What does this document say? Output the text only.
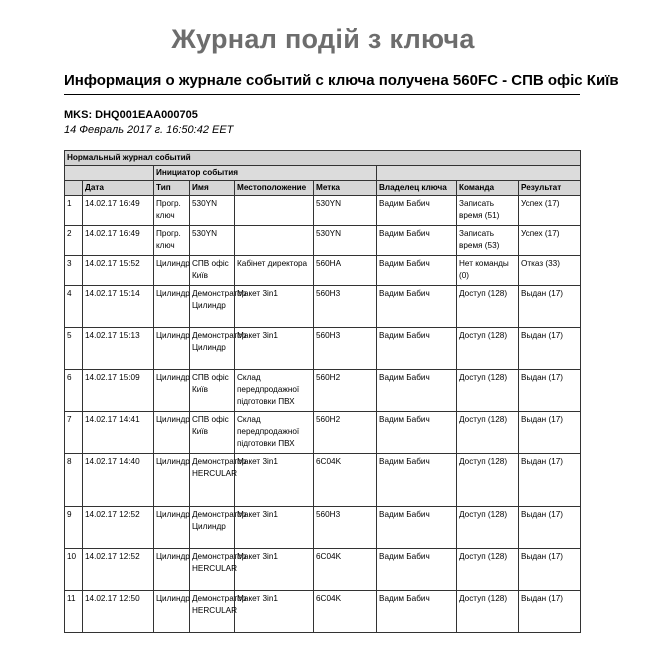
Журнал подій з ключа
Информация о журнале событий с ключа получена 560FC - СПВ офіс Київ
MKS: DHQ001EAA000705
14 Февраль 2017 г. 16:50:42 EET
Нормальный журнал событий								
		Инициатор события						
	Дата	Тип	Имя	Местоположение	Метка	Владелец ключа	Команда	Результат
1	14.02.17 16:49	Прогр. ключ	530YN		530YN	Вадим Бабич	Записать время (51)	Успех (17)
2	14.02.17 16:49	Прогр. ключ	530YN		530YN	Вадим Бабич	Записать время (53)	Успех (17)
3	14.02.17 15:52	Цилиндр	СПВ офіс Київ	Кабінет директора	560HA	Вадим Бабич	Нет команды (0)	Отказ (33)
4	14.02.17 15:14	Цилиндр	Демонстратор Цилиндр	Макет 3in1	560H3	Вадим Бабич	Доступ (128)	Выдан (17)
5	14.02.17 15:13	Цилиндр	Демонстратор Цилиндр	Макет 3in1	560H3	Вадим Бабич	Доступ (128)	Выдан (17)
6	14.02.17 15:09	Цилиндр	СПВ офіс Київ	Склад передпродажної підготовки ПВХ	560H2	Вадим Бабич	Доступ (128)	Выдан (17)
7	14.02.17 14:41	Цилиндр	СПВ офіс Київ	Склад передпродажної підготовки ПВХ	560H2	Вадим Бабич	Доступ (128)	Выдан (17)
8	14.02.17 14:40	Цилиндр	Демонстратор HERCULAR	Макет 3in1	6C04K	Вадим Бабич	Доступ (128)	Выдан (17)
9	14.02.17 12:52	Цилиндр	Демонстратор Цилиндр	Макет 3in1	560H3	Вадим Бабич	Доступ (128)	Выдан (17)
10	14.02.17 12:52	Цилиндр	Демонстратор HERCULAR	Макет 3in1	6C04K	Вадим Бабич	Доступ (128)	Выдан (17)
11	14.02.17 12:50	Цилиндр	Демонстратор HERCULAR	Макет 3in1	6C04K	Вадим Бабич	Доступ (128)	Выдан (17)
